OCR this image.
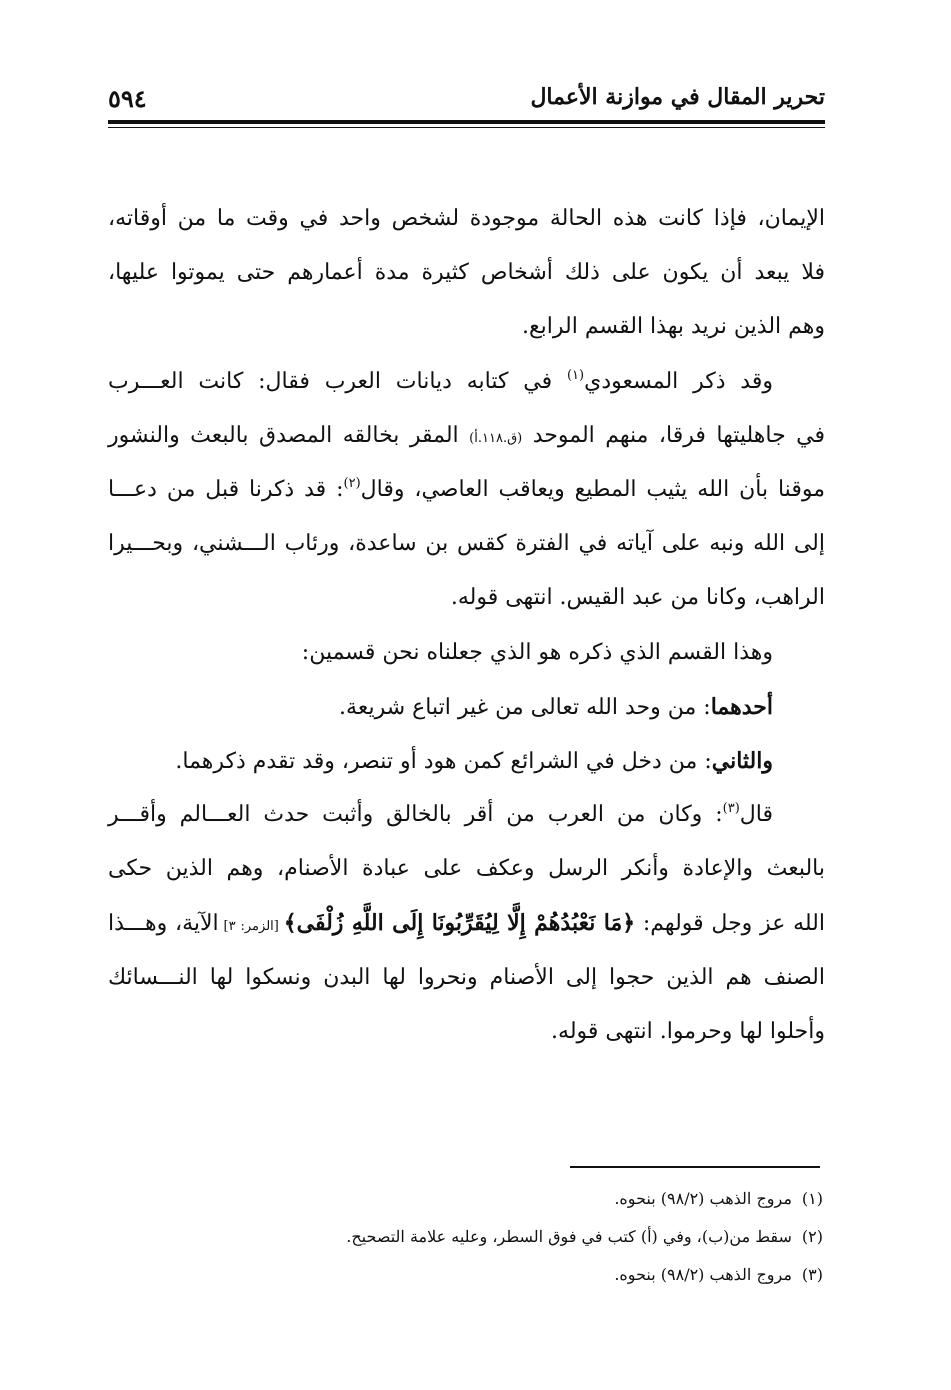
تحرير المقال في موازنة الأعمال
٥٩٤
الإيمان، فإذا كانت هذه الحالة موجودة لشخص واحد في وقت ما من أوقاته،
فلا يبعد أن يكون على ذلك أشخاص كثيرة مدة أعمارهم حتى يموتوا عليها،
وهم الذين نريد بهذا القسم الرابع.
وقد ذكر المسعودي$^{(١)}$ في كتابه ديانات العرب فقال: كانت العـــرب
في جاهليتها فرقا، منهم الموحد (ق.١١٨.أ) المقر بخالقه المصدق بالبعث والنشور
موقنا بأن الله يثيب المطيع ويعاقب العاصي، وقال$^{(٢)}$: قد ذكرنا قبل من دعـــا
إلى الله ونبه على آياته في الفترة كقس بن ساعدة، ورئاب الـــشني، وبحـــيرا
الراهب، وكانا من عبد القيس. انتهى قوله.
وهذا القسم الذي ذكره هو الذي جعلناه نحن قسمين:
أحدهما: من وحد الله تعالى من غير اتباع شريعة.
والثاني: من دخل في الشرائع كمن هود أو تنصر، وقد تقدم ذكرهما.
قال$^{(٣)}$: وكان من العرب من أقر بالخالق وأثبت حدث العـــالم وأقـــر
بالبعث والإعادة وأنكر الرسل وعكف على عبادة الأصنام، وهم الذين حكى
الله عز وجل قولهم: ﴿مَا نَعْبُدُهُمْ إِلَّا لِيُقَرِّبُونَا إِلَى اللَّهِ زُلْفَى﴾ [الزمر: ٣] الآية، وهـــذا
الصنف هم الذين حجوا إلى الأصنام ونحروا لها البدن ونسكوا لها النـــسائك
وأحلوا لها وحرموا. انتهى قوله.
(١)مروج الذهب (٩٨/٢) بنحوه.
(٢)سقط من(ب)، وفي (أ) كتب في فوق السطر، وعليه علامة التصحيح.
(٣)مروج الذهب (٩٨/٢) بنحوه.
